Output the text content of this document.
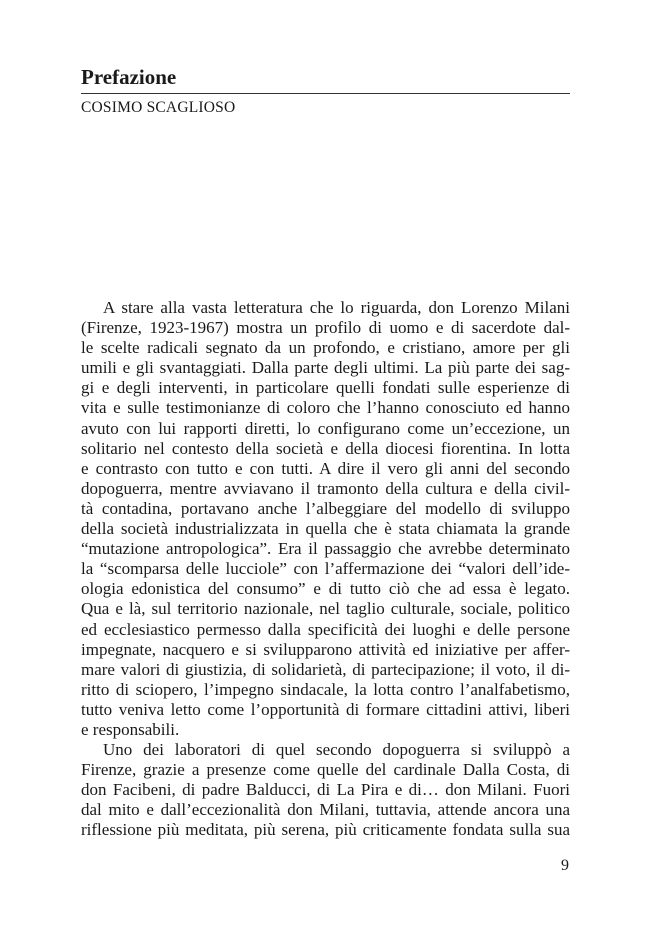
Prefazione

COSIMO SCAGLIOSO

A stare alla vasta letteratura che lo riguarda, don Lorenzo Milani
(Firenze, 1923-1967) mostra un profilo di uomo e di sacerdote dal-
le scelte radicali segnato da un profondo, e cristiano, amore per gli
umili e gli svantaggiati. Dalla parte degli ultimi. La più parte dei sag-
gi e degli interventi, in particolare quelli fondati sulle esperienze di
vita e sulle testimonianze di coloro che l’hanno conosciuto ed hanno
avuto con lui rapporti diretti, lo configurano come un’eccezione, un
solitario nel contesto della società e della diocesi fiorentina. In lotta
e contrasto con tutto e con tutti. A dire il vero gli anni del secondo
dopoguerra, mentre avviavano il tramonto della cultura e della civil-
tà contadina, portavano anche l’albeggiare del modello di sviluppo
della società industrializzata in quella che è stata chiamata la grande
“mutazione antropologica”. Era il passaggio che avrebbe determinato
la “scomparsa delle lucciole” con l’affermazione dei “valori dell’ide-
ologia edonistica del consumo” e di tutto ciò che ad essa è legato.
Qua e là, sul territorio nazionale, nel taglio culturale, sociale, politico
ed ecclesiastico permesso dalla specificità dei luoghi e delle persone
impegnate, nacquero e si svilupparono attività ed iniziative per affer-
mare valori di giustizia, di solidarietà, di partecipazione; il voto, il di-
ritto di sciopero, l’impegno sindacale, la lotta contro l’analfabetismo,
tutto veniva letto come l’opportunità di formare cittadini attivi, liberi
e responsabili.

Uno dei laboratori di quel secondo dopoguerra si sviluppò a
Firenze, grazie a presenze come quelle del cardinale Dalla Costa, di
don Facibeni, di padre Balducci, di La Pira e di… don Milani. Fuori
dal mito e dall’eccezionalità don Milani, tuttavia, attende ancora una
riflessione più meditata, più serena, più criticamente fondata sulla sua

9
